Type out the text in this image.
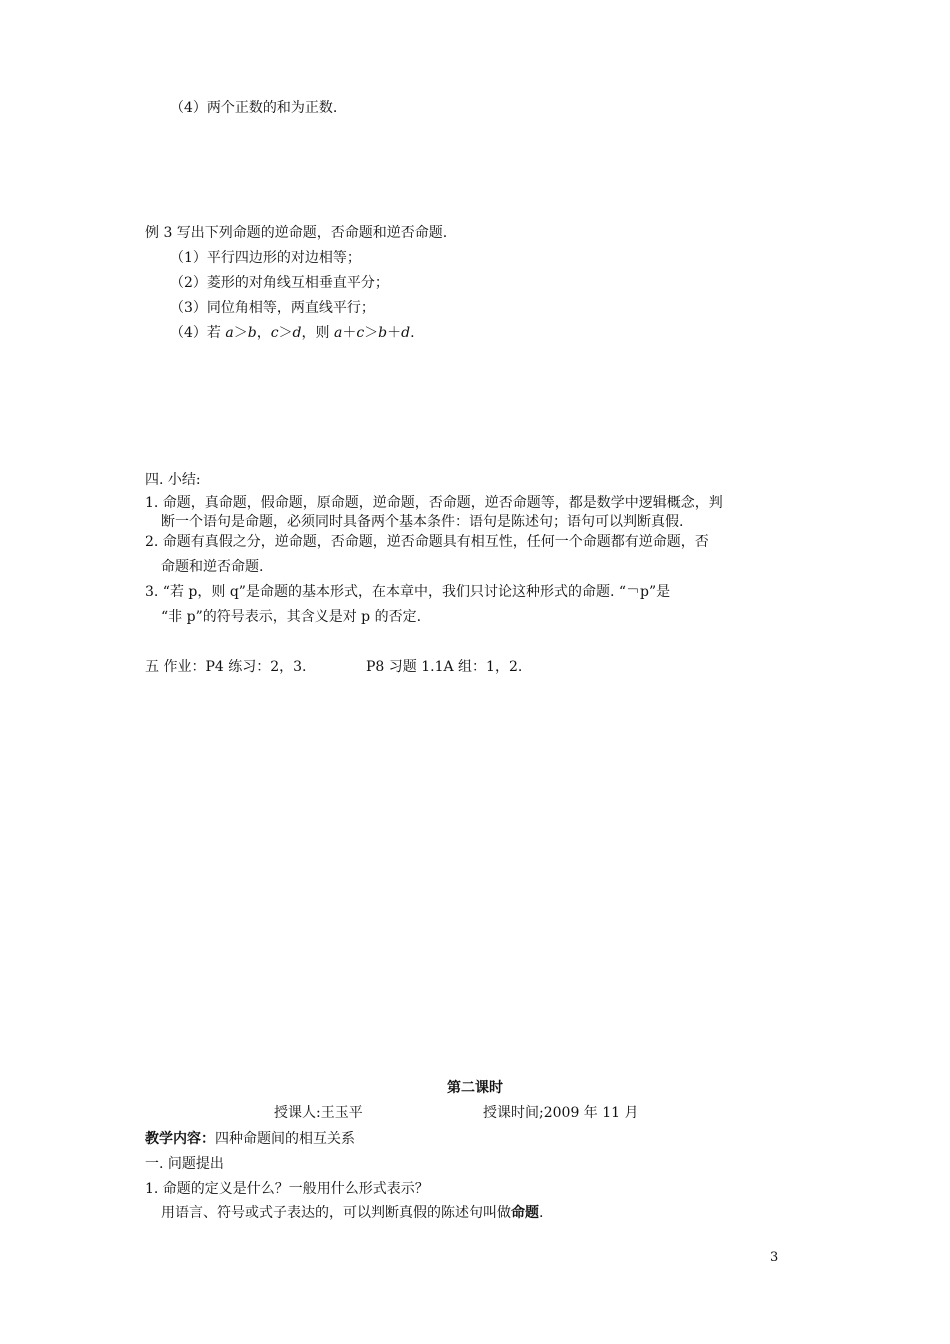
（4）两个正数的和为正数.
例 3 写出下列命题的逆命题，否命题和逆否命题.
（1）平行四边形的对边相等；
（2）菱形的对角线互相垂直平分；
（3）同位角相等，两直线平行；
（4）若 a＞b，c＞d，则 a＋c＞b＋d.
四. 小结:
1. 命题，真命题，假命题，原命题，逆命题，否命题，逆否命题等，都是数学中逻辑概念，判
断一个语句是命题，必须同时具备两个基本条件：语句是陈述句；语句可以判断真假.
2. 命题有真假之分，逆命题，否命题，逆否命题具有相互性，任何一个命题都有逆命题，否
命题和逆否命题.
3. “若 p，则 q”是命题的基本形式，在本章中，我们只讨论这种形式的命题. “￢p”是
“非 p”的符号表示，其含义是对 p 的否定.
五 作业：P4 练习：2，3.	P8 习题 1.1A 组：1，2.
第二课时
授课人:王玉平	授课时间;2009 年 11 月
教学内容：四种命题间的相互关系
一. 问题提出
1. 命题的定义是什么？一般用什么形式表示？
用语言、符号或式子表达的，可以判断真假的陈述句叫做命题.
3
